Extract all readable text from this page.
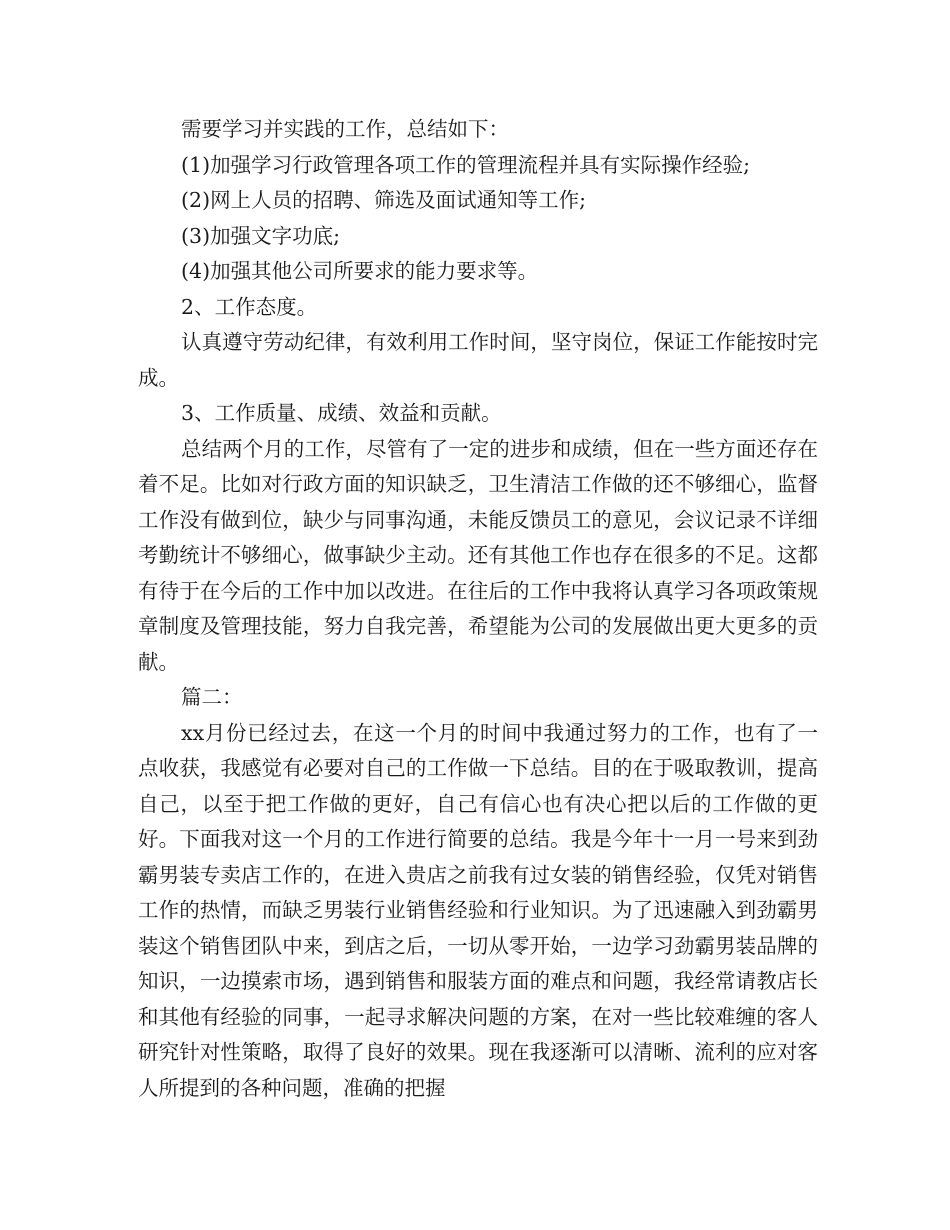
需要学习并实践的工作，总结如下：

(1)加强学习行政管理各项工作的管理流程并具有实际操作经验;

(2)网上人员的招聘、筛选及面试通知等工作;

(3)加强文字功底;

(4)加强其他公司所要求的能力要求等。

2、工作态度。

认真遵守劳动纪律，有效利用工作时间，坚守岗位，保证工作能按时完成。

3、工作质量、成绩、效益和贡献。

总结两个月的工作，尽管有了一定的进步和成绩，但在一些方面还存在着不足。比如对行政方面的知识缺乏，卫生清洁工作做的还不够细心，监督工作没有做到位，缺少与同事沟通，未能反馈员工的意见，会议记录不详细考勤统计不够细心，做事缺少主动。还有其他工作也存在很多的不足。这都有待于在今后的工作中加以改进。在往后的工作中我将认真学习各项政策规章制度及管理技能，努力自我完善，希望能为公司的发展做出更大更多的贡献。

篇二：

xx月份已经过去，在这一个月的时间中我通过努力的工作，也有了一点收获，我感觉有必要对自己的工作做一下总结。目的在于吸取教训，提高自己，以至于把工作做的更好，自己有信心也有决心把以后的工作做的更好。下面我对这一个月的工作进行简要的总结。我是今年十一月一号来到劲霸男装专卖店工作的，在进入贵店之前我有过女装的销售经验，仅凭对销售工作的热情，而缺乏男装行业销售经验和行业知识。为了迅速融入到劲霸男装这个销售团队中来，到店之后，一切从零开始，一边学习劲霸男装品牌的知识，一边摸索市场，遇到销售和服装方面的难点和问题，我经常请教店长和其他有经验的同事，一起寻求解决问题的方案，在对一些比较难缠的客人研究针对性策略，取得了良好的效果。现在我逐渐可以清晰、流利的应对客人所提到的各种问题，准确的把握
